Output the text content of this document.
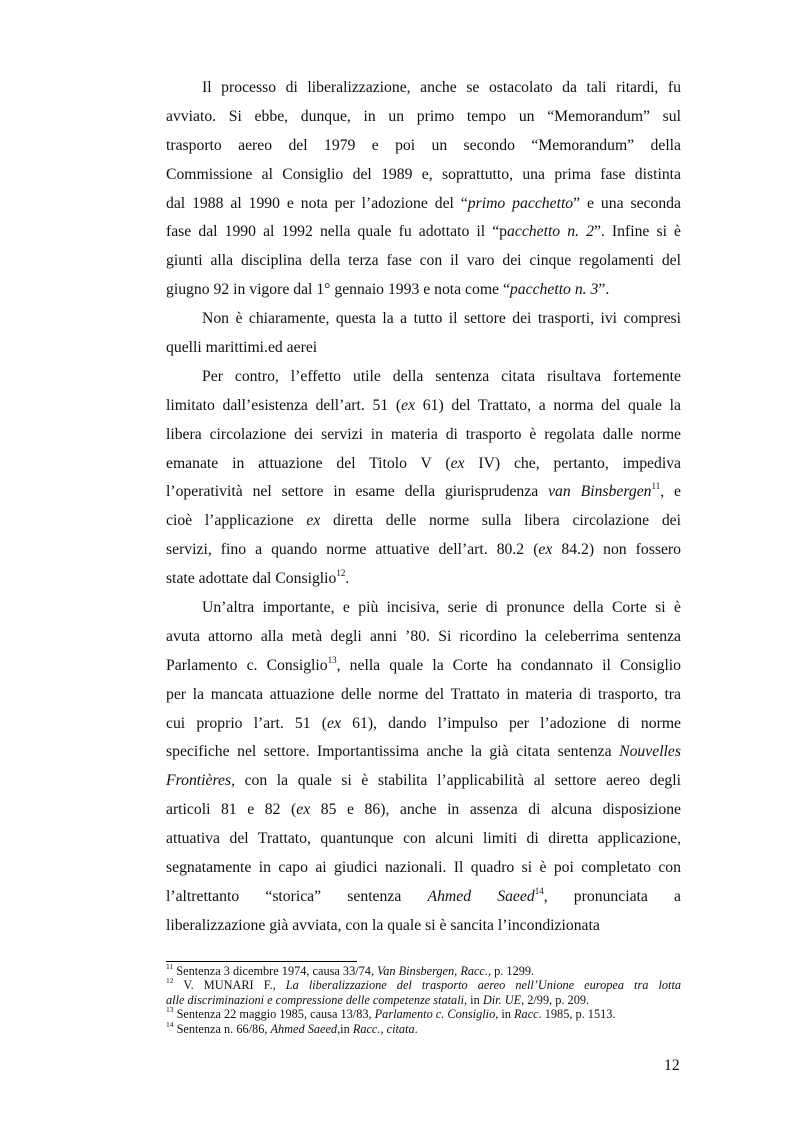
Il processo di liberalizzazione, anche se ostacolato da tali ritardi, fu
avviato. Si ebbe, dunque, in un primo tempo un “Memorandum” sul
trasporto aereo del 1979 e poi un secondo “Memorandum” della
Commissione al Consiglio del 1989 e, soprattutto, una prima fase distinta
dal 1988 al 1990 e nota per l’adozione del “primo pacchetto” e una seconda
fase dal 1990 al 1992 nella quale fu adottato il “pacchetto n. 2”. Infine si è
giunti alla disciplina della terza fase con il varo dei cinque regolamenti del
giugno 92 in vigore dal 1° gennaio 1993 e nota come “pacchetto n. 3”.

Non è chiaramente, questa la a tutto il settore dei trasporti, ivi compresi
quelli marittimi.ed aerei

Per contro, l’effetto utile della sentenza citata risultava fortemente
limitato dall’esistenza dell’art. 51 (ex 61) del Trattato, a norma del quale la
libera circolazione dei servizi in materia di trasporto è regolata dalle norme
emanate in attuazione del Titolo V (ex IV) che, pertanto, impediva
l’operatività nel settore in esame della giurisprudenza van Binsbergen$^{11}$, e
cioè l’applicazione ex diretta delle norme sulla libera circolazione dei
servizi, fino a quando norme attuative dell’art. 80.2 (ex 84.2) non fossero
state adottate dal Consiglio$^{12}$.

Un’altra importante, e più incisiva, serie di pronunce della Corte si è
avuta attorno alla metà degli anni ’80. Si ricordino la celeberrima sentenza
Parlamento c. Consiglio$^{13}$, nella quale la Corte ha condannato il Consiglio
per la mancata attuazione delle norme del Trattato in materia di trasporto, tra
cui proprio l’art. 51 (ex 61), dando l’impulso per l’adozione di norme
specifiche nel settore. Importantissima anche la già citata sentenza Nouvelles
Frontières, con la quale si è stabilita l’applicabilità al settore aereo degli
articoli 81 e 82 (ex 85 e 86), anche in assenza di alcuna disposizione
attuativa del Trattato, quantunque con alcuni limiti di diretta applicazione,
segnatamente in capo ai giudici nazionali. Il quadro si è poi completato con
l’altrettanto “storica” sentenza Ahmed Saeed$^{14}$, pronunciata a
liberalizzazione già avviata, con la quale si è sancita l’incondizionata

$^{11}$ Sentenza 3 dicembre 1974, causa 33/74, Van Binsbergen, Racc., p. 1299.

$^{12}$ V. MUNARI F., La liberalizzazione del trasporto aereo nell’Unione europea tra lotta

alle discriminazioni e compressione delle competenze statali, in Dir. UE, 2/99, p. 209.

$^{13}$ Sentenza 22 maggio 1985, causa 13/83, Parlamento c. Consiglio, in Racc. 1985, p. 1513.

$^{14}$ Sentenza n. 66/86, Ahmed Saeed,in Racc., citata.

12
